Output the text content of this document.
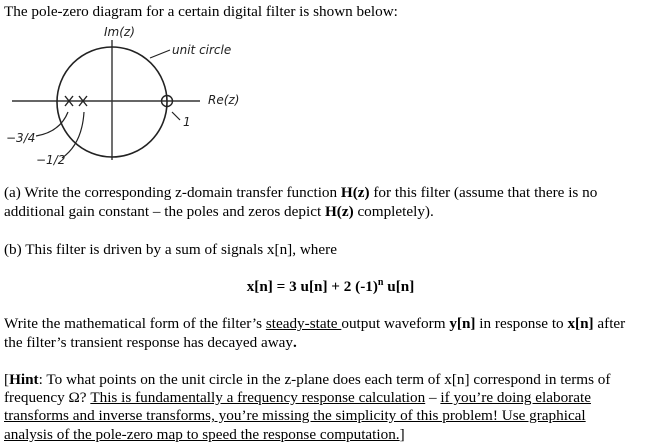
The pole-zero diagram for a certain digital filter is shown below:
Im(z)
unit circle
Re(z)
1
−3/4
−1/2
(a) Write the corresponding z-domain transfer function H(z) for this filter (assume that there is no
additional gain constant – the poles and zeros depict H(z) completely).
(b) This filter is driven by a sum of signals x[n], where
x[n] = 3 u[n] + 2 $(-1)^n$ u[n]
Write the mathematical form of the filter’s steady-state output waveform y[n] in response to x[n] after
the filter’s transient response has decayed away.
[Hint: To what points on the unit circle in the z-plane does each term of x[n] correspond in terms of
frequency Ω? This is fundamentally a frequency response calculation – if you’re doing elaborate
transforms and inverse transforms, you’re missing the simplicity of this problem! Use graphical
analysis of the pole-zero map to speed the response computation.]
